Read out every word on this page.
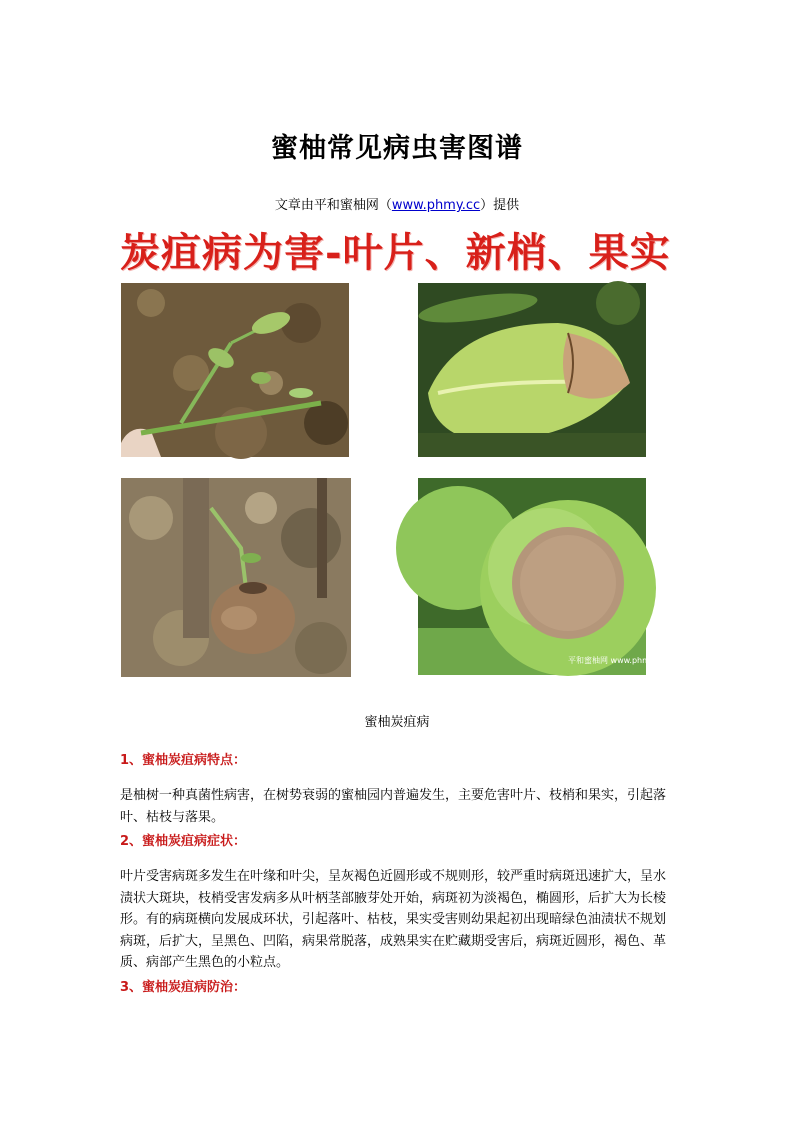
蜜柚常见病虫害图谱
文章由平和蜜柚网（www.phmy.cc）提供
炭疽病为害-叶片、新梢、果实
平和蜜柚网 www.phmy.cc
蜜柚炭疽病
1、蜜柚炭疽病特点：
是柚树一种真菌性病害，在树势衰弱的蜜柚园内普遍发生，主要危害叶片、枝梢和果实，引起落叶、枯枝与落果。
2、蜜柚炭疽病症状：
叶片受害病斑多发生在叶缘和叶尖，呈灰褐色近圆形或不规则形，较严重时病斑迅速扩大，呈水渍状大斑块，枝梢受害发病多从叶柄茎部腋芽处开始，病斑初为淡褐色，椭圆形，后扩大为长棱形。有的病斑横向发展成环状，引起落叶、枯枝，果实受害则幼果起初出现暗绿色油渍状不规划病斑，后扩大，呈黑色、凹陷，病果常脱落，成熟果实在贮藏期受害后，病斑近圆形，褐色、革质、病部产生黑色的小粒点。
3、蜜柚炭疽病防治：
